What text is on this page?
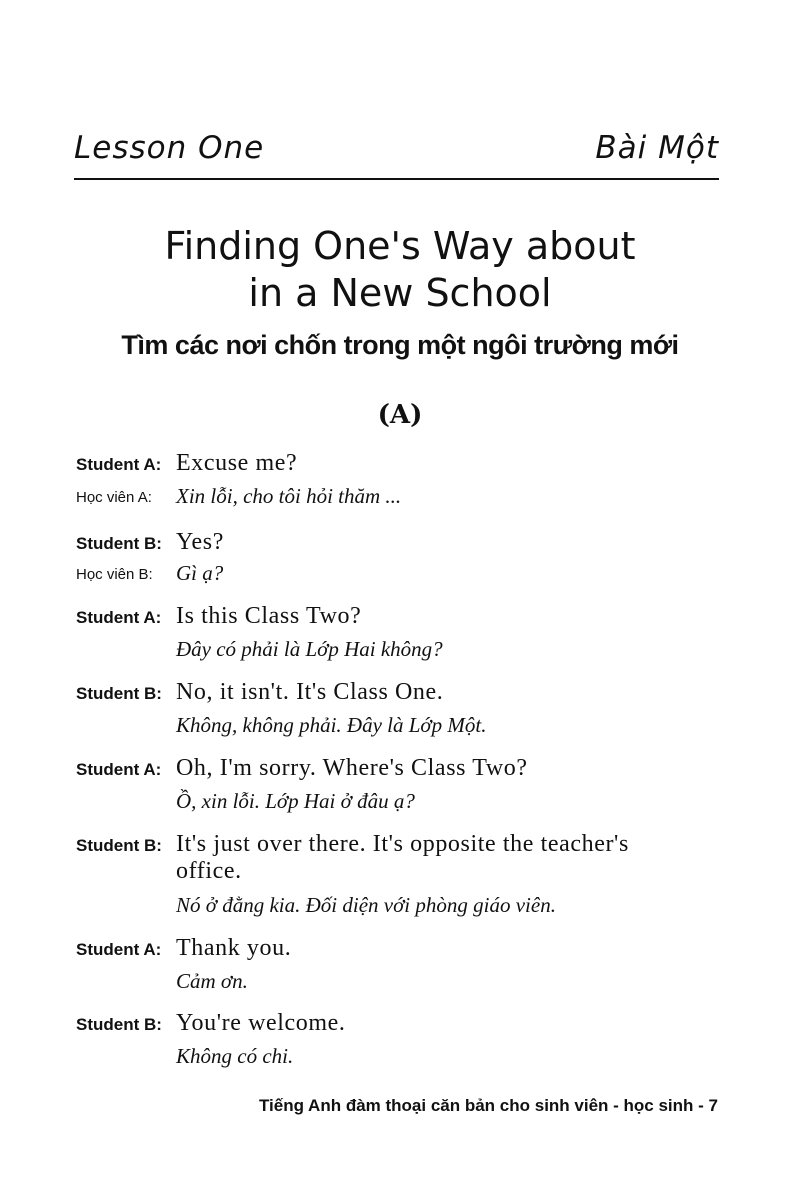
Lesson One	Bài Một
Finding One's Way about
in a New School
Tìm các nơi chốn trong một ngôi trường mới
(A)
Student A: Excuse me?
Học viên A: Xin lỗi, cho tôi hỏi thăm ...
Student B: Yes?
Học viên B: Gì ạ?
Student A: Is this Class Two?
Đây có phải là Lớp Hai không?
Student B: No, it isn't. It's Class One.
Không, không phải. Đây là Lớp Một.
Student A: Oh, I'm sorry. Where's Class Two?
Ồ, xin lỗi. Lớp Hai ở đâu ạ?
Student B: It's just over there. It's opposite the teacher's
office.
Nó ở đằng kia. Đối diện với phòng giáo viên.
Student A: Thank you.
Cảm ơn.
Student B: You're welcome.
Không có chi.
Tiếng Anh đàm thoại căn bản cho sinh viên - học sinh - 7
